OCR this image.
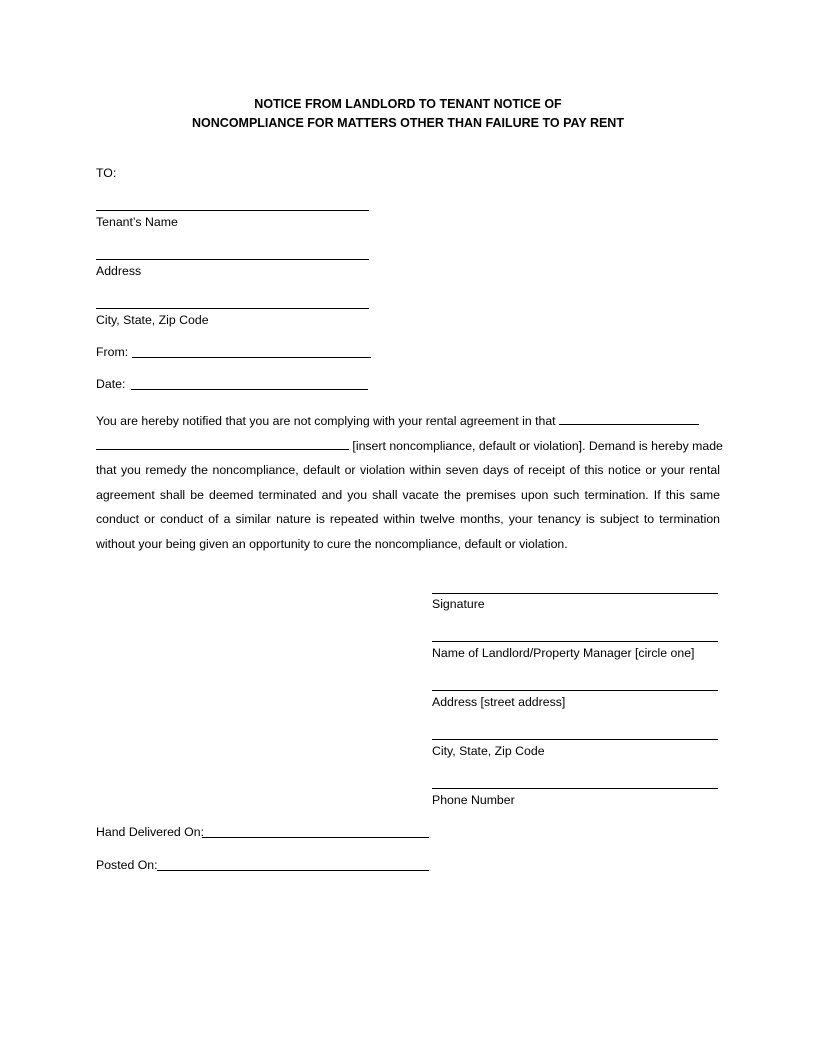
NOTICE FROM LANDLORD TO TENANT NOTICE OF
NONCOMPLIANCE FOR MATTERS OTHER THAN FAILURE TO PAY RENT
TO:
Tenant’s Name
Address
City, State, Zip Code
From:
Date:
You are hereby notified that you are not complying with your rental agreement in that
[insert noncompliance, default or violation]. Demand is hereby made
that you remedy the noncompliance, default or violation within seven days of receipt of this notice or your rental
agreement shall be deemed terminated and you shall vacate the premises upon such termination. If this same
conduct or conduct of a similar nature is repeated within twelve months, your tenancy is subject to termination
without your being given an opportunity to cure the noncompliance, default or violation.
Signature
Name of Landlord/Property Manager [circle one]
Address [street address]
City, State, Zip Code
Phone Number
Hand Delivered On:
Posted On:
